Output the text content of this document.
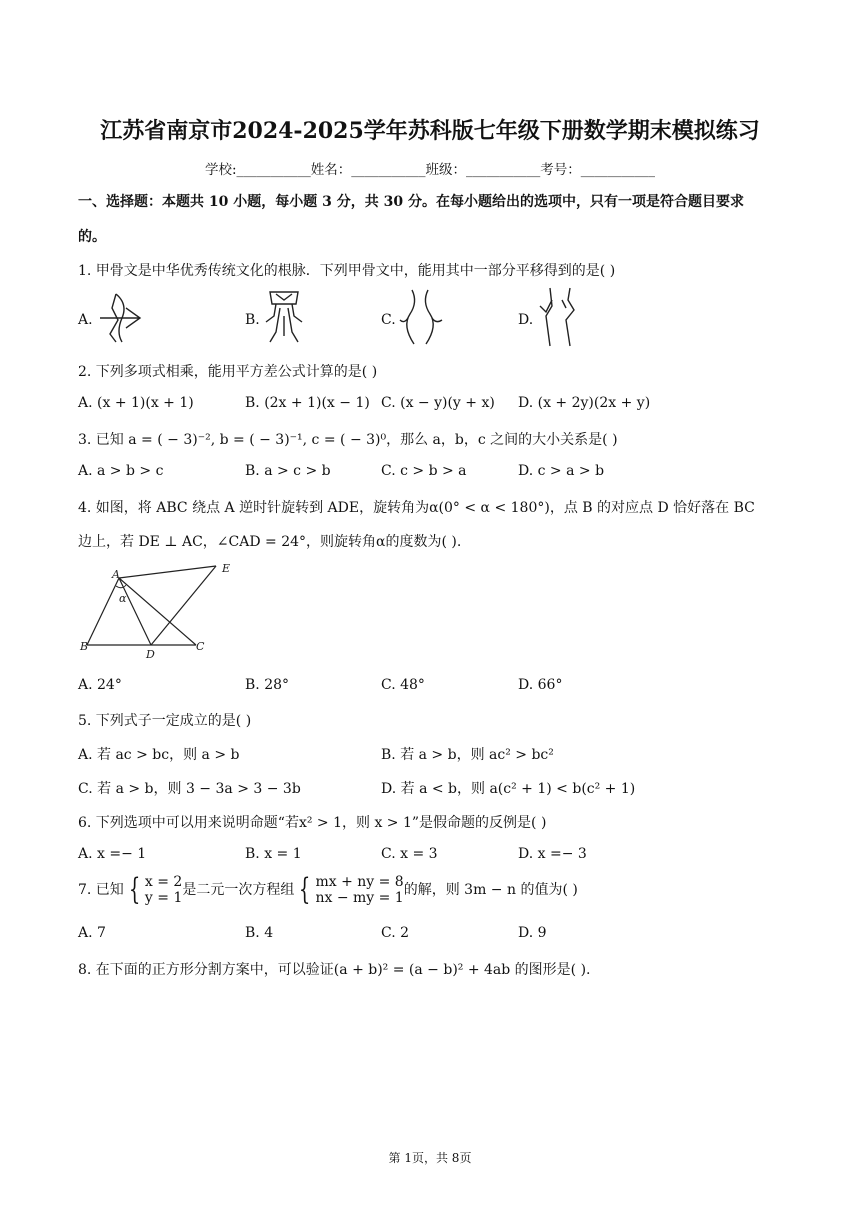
江苏省南京市2024-2025学年苏科版七年级下册数学期末模拟练习
学校:___________姓名：___________班级：___________考号：___________
一、选择题：本题共 10 小题，每小题 3 分，共 30 分。在每小题给出的选项中，只有一项是符合题目要求
的。
1. 甲骨文是中华优秀传统文化的根脉．下列甲骨文中，能用其中一部分平移得到的是( )
A.	B.	C.	D.
2. 下列多项式相乘，能用平方差公式计算的是( )
A. (x + 1)(x + 1)	B. (2x + 1)(x − 1) C. (x − y)(y + x) D. (x + 2y)(2x + y)
3. 已知 a = ( − 3)⁻², b = ( − 3)⁻¹, c = ( − 3)⁰，那么 a，b，c 之间的大小关系是( )
A. a > b > c	B. a > c > b	C. c > b > a	D. c > a > b
4. 如图，将 ABC 绕点 A 逆时针旋转到 ADE，旋转角为α(0° < α < 180°)，点 B 的对应点 D 恰好落在 BC
边上，若 DE ⊥ AC，∠CAD = 24°，则旋转角α的度数为( ).
A
B	C
D
E
α
A. 24°	B. 28°	C. 48°	D. 66°
5. 下列式子一定成立的是( )
A. 若 ac > bc，则 a > b	B. 若 a > b，则 ac² > bc²
C. 若 a > b，则 3 − 3a > 3 − 3b	D. 若 a < b，则 a(c² + 1) < b(c² + 1)
6. 下列选项中可以用来说明命题“若x² > 1，则 x > 1”是假命题的反例是( )
A. x =− 1	B. x = 1	C. x = 3	D. x =− 3
7. 已知 { x = 2
y = 1 是二元一次方程组 { mx + ny = 8
nx − my = 1 的解，则 3m − n 的值为( )
A. 7	B. 4	C. 2	D. 9
8. 在下面的正方形分割方案中，可以验证(a + b)² = (a − b)² + 4ab 的图形是( ).
第 1页，共 8页
